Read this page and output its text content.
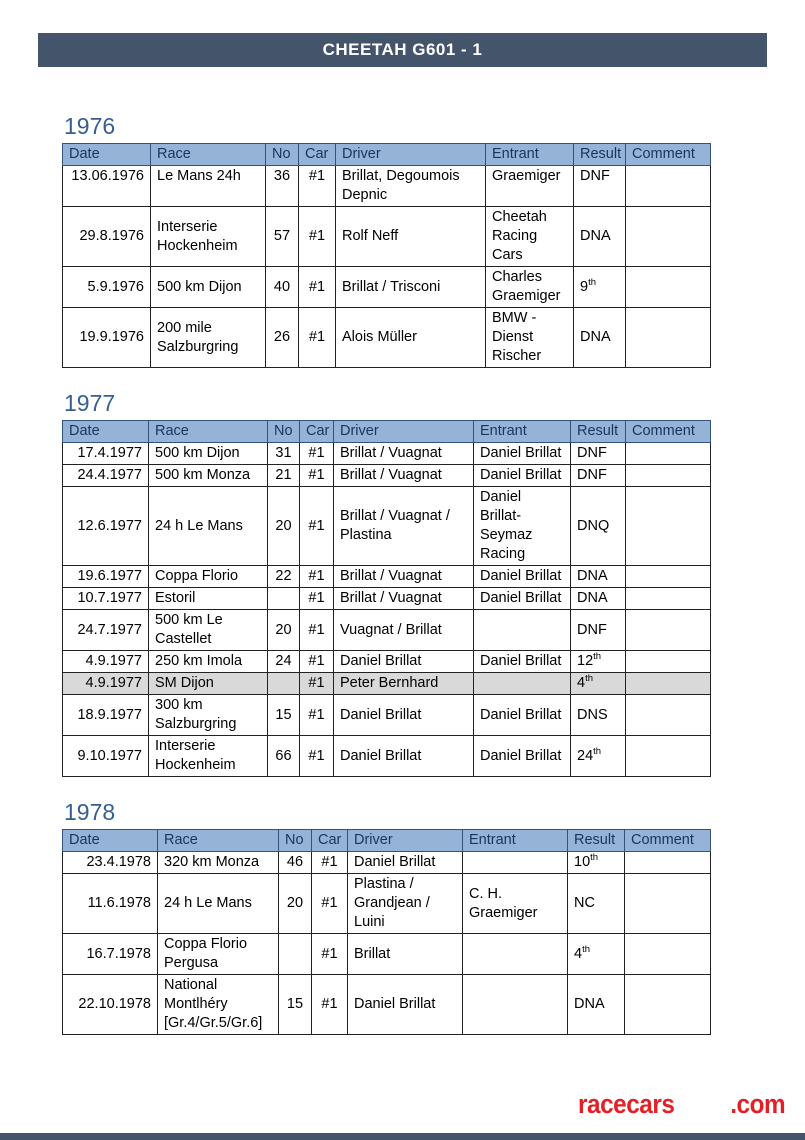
CHEETAH G601 - 1
1976
Date	Race	No	Car	Driver	Entrant	Result	Comment
13.06.1976	Le Mans 24h	36	#1	Brillat, Degoumois Depnic	Graemiger	DNF	
29.8.1976	Interserie Hockenheim	57	#1	Rolf Neff	Cheetah Racing Cars	DNA	
5.9.1976	500 km Dijon	40	#1	Brillat / Trisconi	Charles Graemiger	9th	
19.9.1976	200 mile Salzburgring	26	#1	Alois Müller	BMW - Dienst Rischer	DNA	
1977
Date	Race	No	Car	Driver	Entrant	Result	Comment
17.4.1977	500 km Dijon	31	#1	Brillat / Vuagnat	Daniel Brillat	DNF	
24.4.1977	500 km Monza	21	#1	Brillat / Vuagnat	Daniel Brillat	DNF	
12.6.1977	24 h Le Mans	20	#1	Brillat / Vuagnat / Plastina	Daniel Brillat-Seymaz Racing	DNQ	
19.6.1977	Coppa Florio	22	#1	Brillat / Vuagnat	Daniel Brillat	DNA	
10.7.1977	Estoril		#1	Brillat / Vuagnat	Daniel Brillat	DNA	
24.7.1977	500 km Le Castellet	20	#1	Vuagnat / Brillat		DNF	
4.9.1977	250 km Imola	24	#1	Daniel Brillat	Daniel Brillat	12th	
4.9.1977	SM Dijon		#1	Peter Bernhard		4th	
18.9.1977	300 km Salzburgring	15	#1	Daniel Brillat	Daniel Brillat	DNS	
9.10.1977	Interserie Hockenheim	66	#1	Daniel Brillat	Daniel Brillat	24th	
1978
Date	Race	No	Car	Driver	Entrant	Result	Comment
23.4.1978	320 km Monza	46	#1	Daniel Brillat		10th	
11.6.1978	24 h Le Mans	20	#1	Plastina / Grandjean / Luini	C. H. Graemiger	NC	
16.7.1978	Coppa Florio Pergusa		#1	Brillat		4th	
22.10.1978	National Montlhéry [Gr.4/Gr.5/Gr.6]	15	#1	Daniel Brillat		DNA	
racecars .com
